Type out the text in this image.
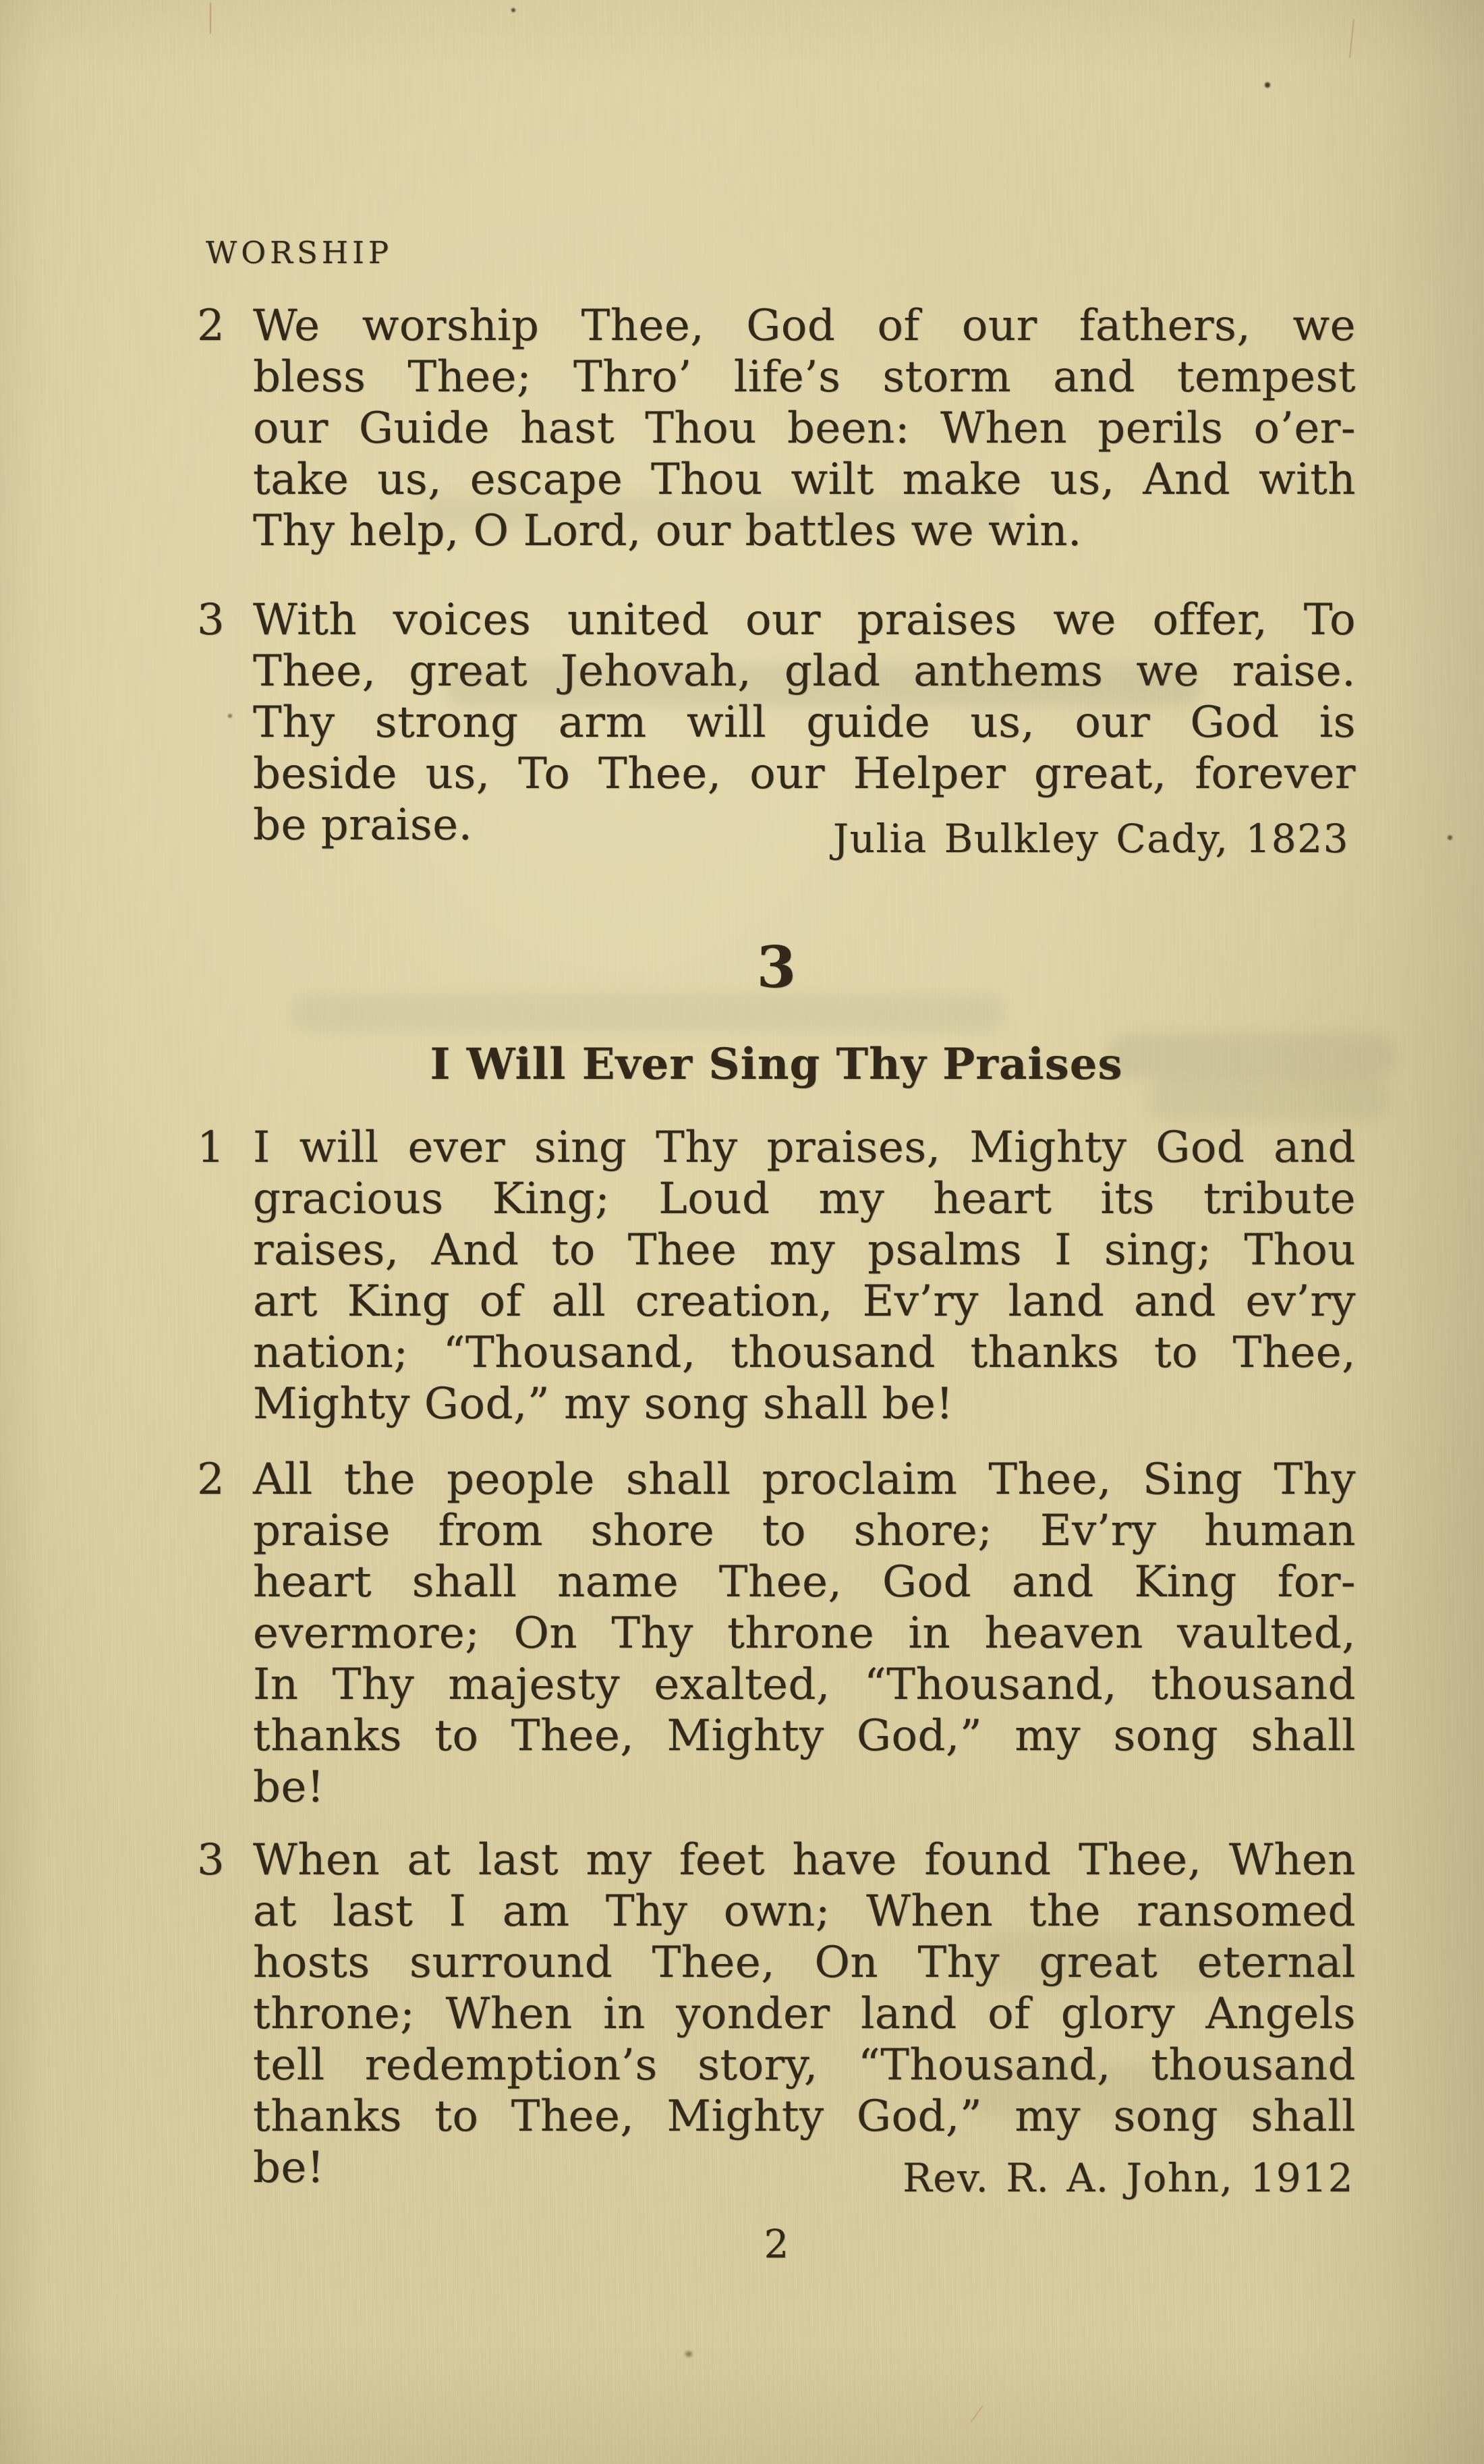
WORSHIP
2 We worship Thee, God of our fathers, we
bless Thee; Thro’ life’s storm and tempest
our Guide hast Thou been: When perils o’er-
take us, escape Thou wilt make us, And with
Thy help, O Lord, our battles we win.
3 With voices united our praises we offer, To
Thee, great Jehovah, glad anthems we raise.
Thy strong arm will guide us, our God is
beside us, To Thee, our Helper great, forever
be praise.	Julia Bulkley Cady, 1823
3
I Will Ever Sing Thy Praises
1 I will ever sing Thy praises, Mighty God and
gracious King; Loud my heart its tribute
raises, And to Thee my psalms I sing; Thou
art King of all creation, Ev’ry land and ev’ry
nation; “Thousand, thousand thanks to Thee,
Mighty God,” my song shall be!
2 All the people shall proclaim Thee, Sing Thy
praise from shore to shore; Ev’ry human
heart shall name Thee, God and King for-
evermore; On Thy throne in heaven vaulted,
In Thy majesty exalted, “Thousand, thousand
thanks to Thee, Mighty God,” my song shall
be!
3 When at last my feet have found Thee, When
at last I am Thy own; When the ransomed
hosts surround Thee, On Thy great eternal
throne; When in yonder land of glory Angels
tell redemption’s story, “Thousand, thousand
thanks to Thee, Mighty God,” my song shall
be!	Rev. R. A. John, 1912
2
